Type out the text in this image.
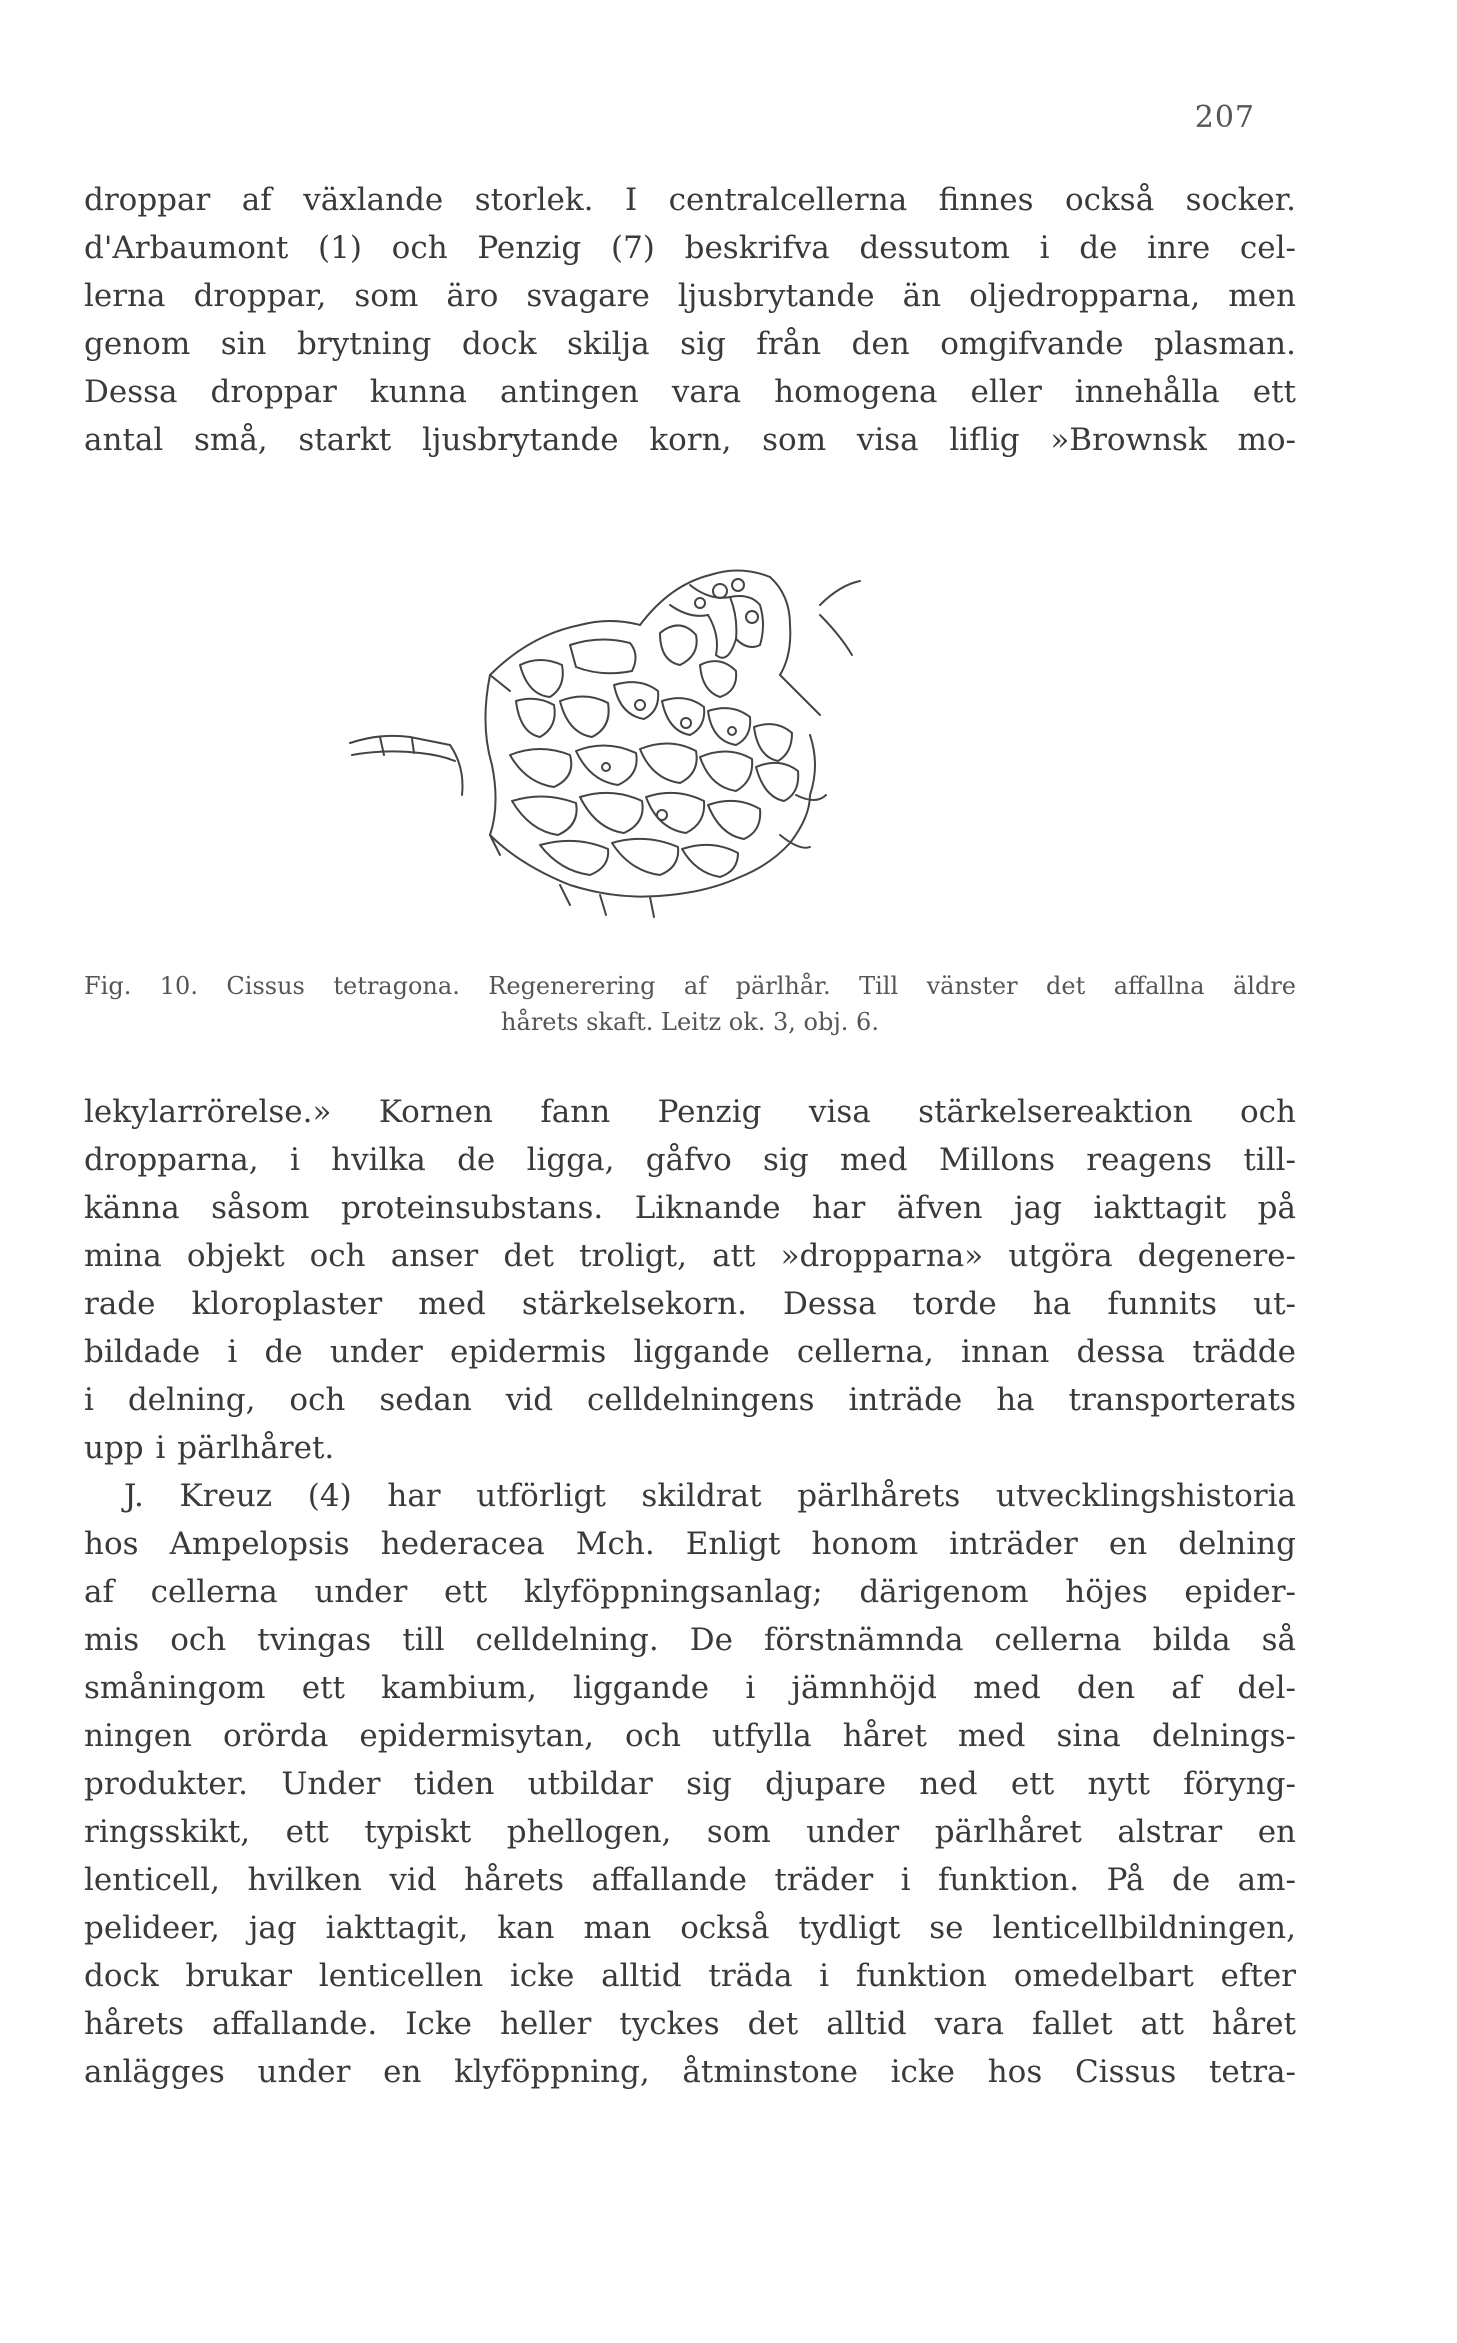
207
droppar af växlande storlek. I centralcellerna finnes också socker.
d'Arbaumont (1) och Penzig (7) beskrifva dessutom i de inre cel-
lerna droppar, som äro svagare ljusbrytande än oljedropparna, men
genom sin brytning dock skilja sig från den omgifvande plasman.
Dessa droppar kunna antingen vara homogena eller innehålla ett
antal små, starkt ljusbrytande korn, som visa liflig »Brownsk mo-
Fig. 10. Cissus tetragona. Regenerering af pärlhår. Till vänster det affallna äldre
hårets skaft. Leitz ok. 3, obj. 6.
lekylarrörelse.» Kornen fann Penzig visa stärkelsereaktion och
dropparna, i hvilka de ligga, gåfvo sig med Millons reagens till-
känna såsom proteinsubstans. Liknande har äfven jag iakttagit på
mina objekt och anser det troligt, att »dropparna» utgöra degenere-
rade kloroplaster med stärkelsekorn. Dessa torde ha funnits ut-
bildade i de under epidermis liggande cellerna, innan dessa trädde
i delning, och sedan vid celldelningens inträde ha transporterats
upp i pärlhåret.
J. Kreuz (4) har utförligt skildrat pärlhårets utvecklingshistoria
hos Ampelopsis hederacea Mch. Enligt honom inträder en delning
af cellerna under ett klyföppningsanlag; därigenom höjes epider-
mis och tvingas till celldelning. De förstnämnda cellerna bilda så
småningom ett kambium, liggande i jämnhöjd med den af del-
ningen orörda epidermisytan, och utfylla håret med sina delnings-
produkter. Under tiden utbildar sig djupare ned ett nytt föryng-
ringsskikt, ett typiskt phellogen, som under pärlhåret alstrar en
lenticell, hvilken vid hårets affallande träder i funktion. På de am-
pelideer, jag iakttagit, kan man också tydligt se lenticellbildningen,
dock brukar lenticellen icke alltid träda i funktion omedelbart efter
hårets affallande. Icke heller tyckes det alltid vara fallet att håret
anlägges under en klyföppning, åtminstone icke hos Cissus tetra-
